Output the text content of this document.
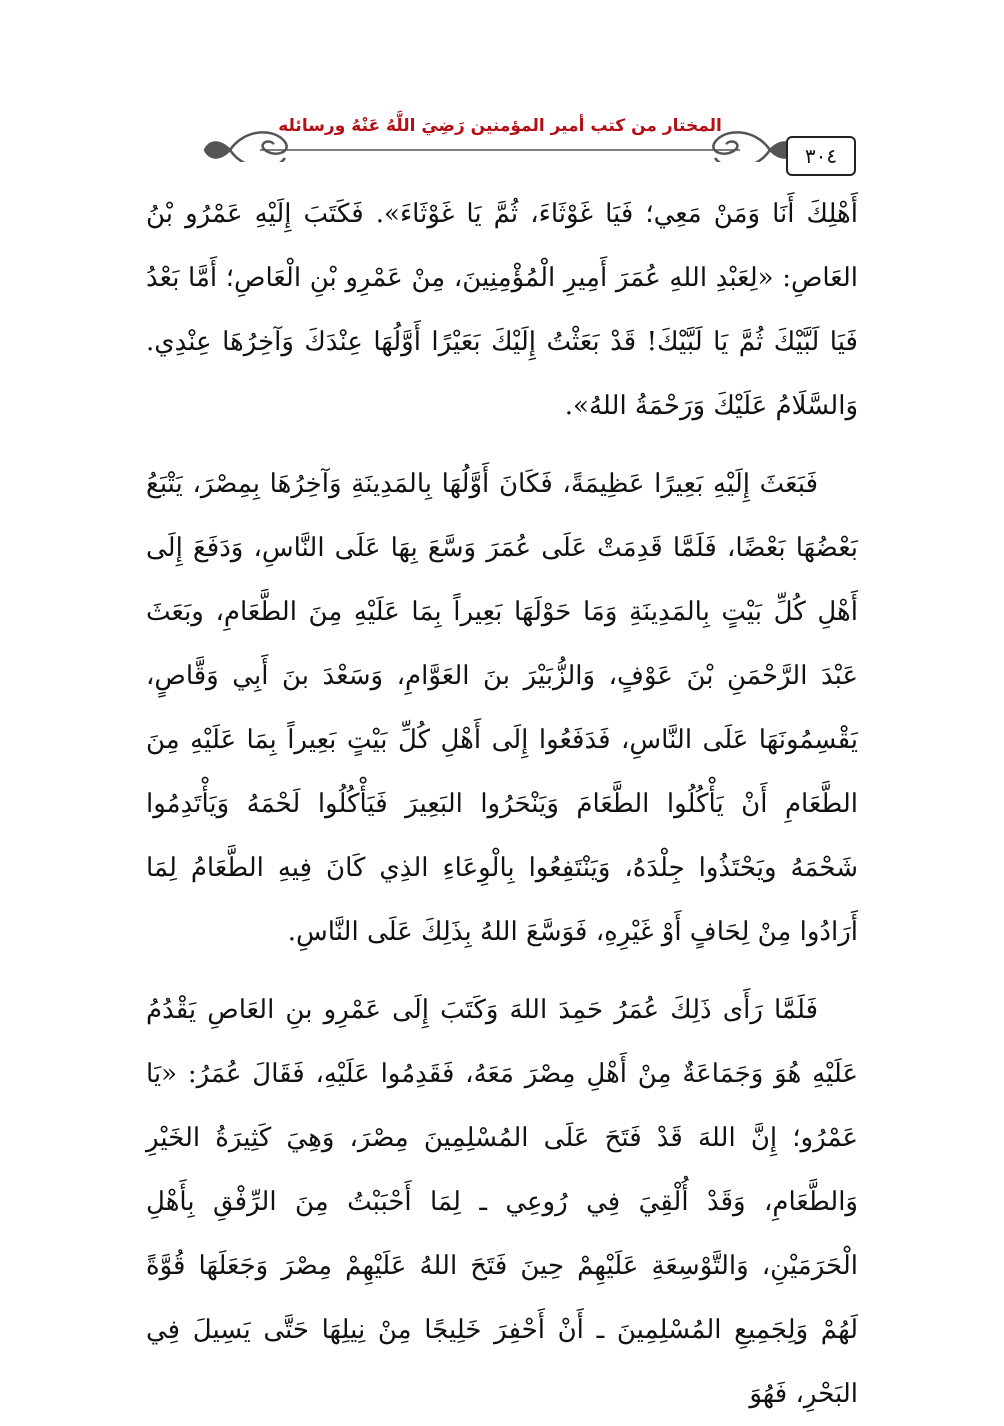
المختار من كتب أمير المؤمنين رَضِيَ اللَّهُ عَنْهُ ورسائله
٣٠٤

أَهْلِكَ أَنَا وَمَنْ مَعِي؛ فَيَا غَوْثَاءَ، ثُمَّ يَا غَوْثَاءَ». فَكَتَبَ إِلَيْهِ عَمْرُو بْنُ العَاصِ: «لِعَبْدِ اللهِ عُمَرَ أَمِيرِ الْمُؤْمِنِينَ، مِنْ عَمْرِو بْنِ الْعَاصِ؛ أَمَّا بَعْدُ فَيَا لَبَّيْكَ ثُمَّ يَا لَبَّيْكَ! قَدْ بَعَثْتُ إِلَيْكَ بَعَيْرًا أَوَّلُهَا عِنْدَكَ وَآخِرُهَا عِنْدِي. وَالسَّلَامُ عَلَيْكَ وَرَحْمَةُ اللهُ».

فَبَعَثَ إِلَيْهِ بَعِيرًا عَظِيمَةً، فَكَانَ أَوَّلُهَا بِالمَدِينَةِ وَآخِرُهَا بِمِصْرَ، يَتْبَعُ بَعْضُهَا بَعْضًا، فَلَمَّا قَدِمَتْ عَلَى عُمَرَ وَسَّعَ بِهَا عَلَى النَّاسِ، وَدَفَعَ إِلَى أَهْلِ كُلِّ بَيْتٍ بِالمَدِينَةِ وَمَا حَوْلَهَا بَعِيراً بِمَا عَلَيْهِ مِنَ الطَّعَامِ، وبَعَثَ عَبْدَ الرَّحْمَنِ بْنَ عَوْفٍ، وَالزُّبَيْرَ بنَ العَوَّامِ، وَسَعْدَ بنَ أَبِي وَقَّاصٍ، يَقْسِمُونَهَا عَلَى النَّاسِ، فَدَفَعُوا إِلَى أَهْلِ كُلِّ بَيْتٍ بَعِيراً بِمَا عَلَيْهِ مِنَ الطَّعَامِ أَنْ يَأْكُلُوا الطَّعَامَ وَيَنْحَرُوا البَعِيرَ فَيَأْكُلُوا لَحْمَهُ وَيَأْتَدِمُوا شَحْمَهُ ويَحْتَذُوا جِلْدَهُ، وَيَنْتَفِعُوا بِالْوِعَاءِ الذِي كَانَ فِيهِ الطَّعَامُ لِمَا أَرَادُوا مِنْ لِحَافٍ أَوْ غَيْرِهِ، فَوَسَّعَ اللهُ بِذَلِكَ عَلَى النَّاسِ.

فَلَمَّا رَأَى ذَلِكَ عُمَرُ حَمِدَ اللهَ وَكَتَبَ إِلَى عَمْرِو بنِ العَاصِ يَقْدُمُ عَلَيْهِ هُوَ وَجَمَاعَةٌ مِنْ أَهْلِ مِصْرَ مَعَهُ، فَقَدِمُوا عَلَيْهِ، فَقَالَ عُمَرُ: «يَا عَمْرُو؛ إِنَّ اللهَ قَدْ فَتَحَ عَلَى المُسْلِمِينَ مِصْرَ، وَهِيَ كَثِيرَةُ الخَيْرِ وَالطَّعَامِ، وَقَدْ أُلْقِيَ فِي رُوعِي ـ لِمَا أَحْبَبْتُ مِنَ الرِّفْقِ بِأَهْلِ الْحَرَمَيْنِ، وَالتَّوْسِعَةِ عَلَيْهِمْ حِينَ فَتَحَ اللهُ عَلَيْهِمْ مِصْرَ وَجَعَلَهَا قُوَّةً لَهُمْ وَلِجَمِيعِ المُسْلِمِينَ ـ أَنْ أَحْفِرَ خَلِيجًا مِنْ نِيلِهَا حَتَّى يَسِيلَ فِي البَحْرِ، فَهُوَ
